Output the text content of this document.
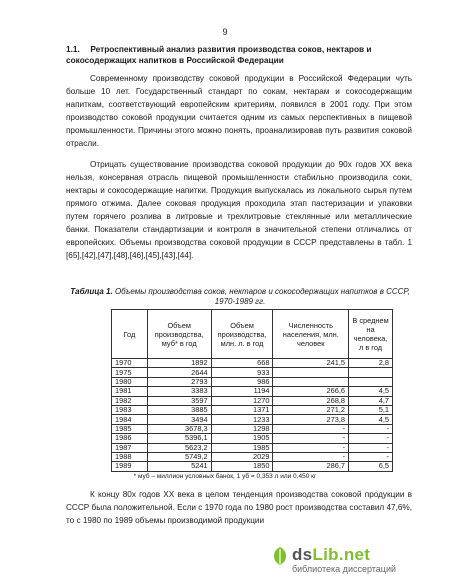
9
1.1. Ретроспективный анализ развития производства соков, нектаров и сокосодержащих напитков в Российской Федерации
Современному производству соковой продукции в Российской Федерации чуть больше 10 лет. Государственный стандарт по сокам, нектарам и сокосодержащим напиткам, соответствующий европейским критериям, появился в 2001 году. При этом производство соковой продукции считается одним из самых перспективных в пищевой промышленности. Причины этого можно понять, проанализировав путь развития соковой отрасли.
Отрицать существование производства соковой продукции до 90х годов XX века нельзя, консервная отрасль пищевой промышленности стабильно производила соки, нектары и сокосодержащие напитки. Продукция выпускалась из локального сырья путем прямого отжима. Далее соковая продукция проходила этап пастеризации и упаковки путем горячего розлива в литровые и трехлитровые стеклянные или металлические банки. Показатели стандартизации и контроля в значительной степени отличались от европейских. Объемы производства соковой продукции в СССР представлены в табл. 1 [65],[42],[47],[48],[46],[45],[43],[44].
Таблица 1. Объемы производства соков, нектаров и сокосодержащих напитков в СССР, 1970-1989 гг.
Год	Объем производства, муб* в год	Объем производства, млн. л. в год	Численность населения, млн. человек	В среднем на человека, л в год
1970	1892	668	241,5	2,8
1975	2644	933		
1980	2793	986		
1981	3383	1194	266,6	4,5
1982	3597	1270	268,8	4,7
1983	3885	1371	271,2	5,1
1984	3494	1233	273,8	4,5
1985	3678,3	1298	-	-
1986	5396,1	1905	-	-
1987	5623,2	1985	-	-
1988	5749,2	2029	-	-
1989	5241	1850	286,7	6,5
* муб – миллион условных банок, 1 уб = 0,353 л или 0,450 кг
К концу 80х годов XX века в целом тенденция производства соковой продукции в СССР была положительной. Если с 1970 года по 1980 рост производства составил 47,6%, то с 1980 по 1989 объемы производимой продукции
dsLib.net
библиотека диссертаций
